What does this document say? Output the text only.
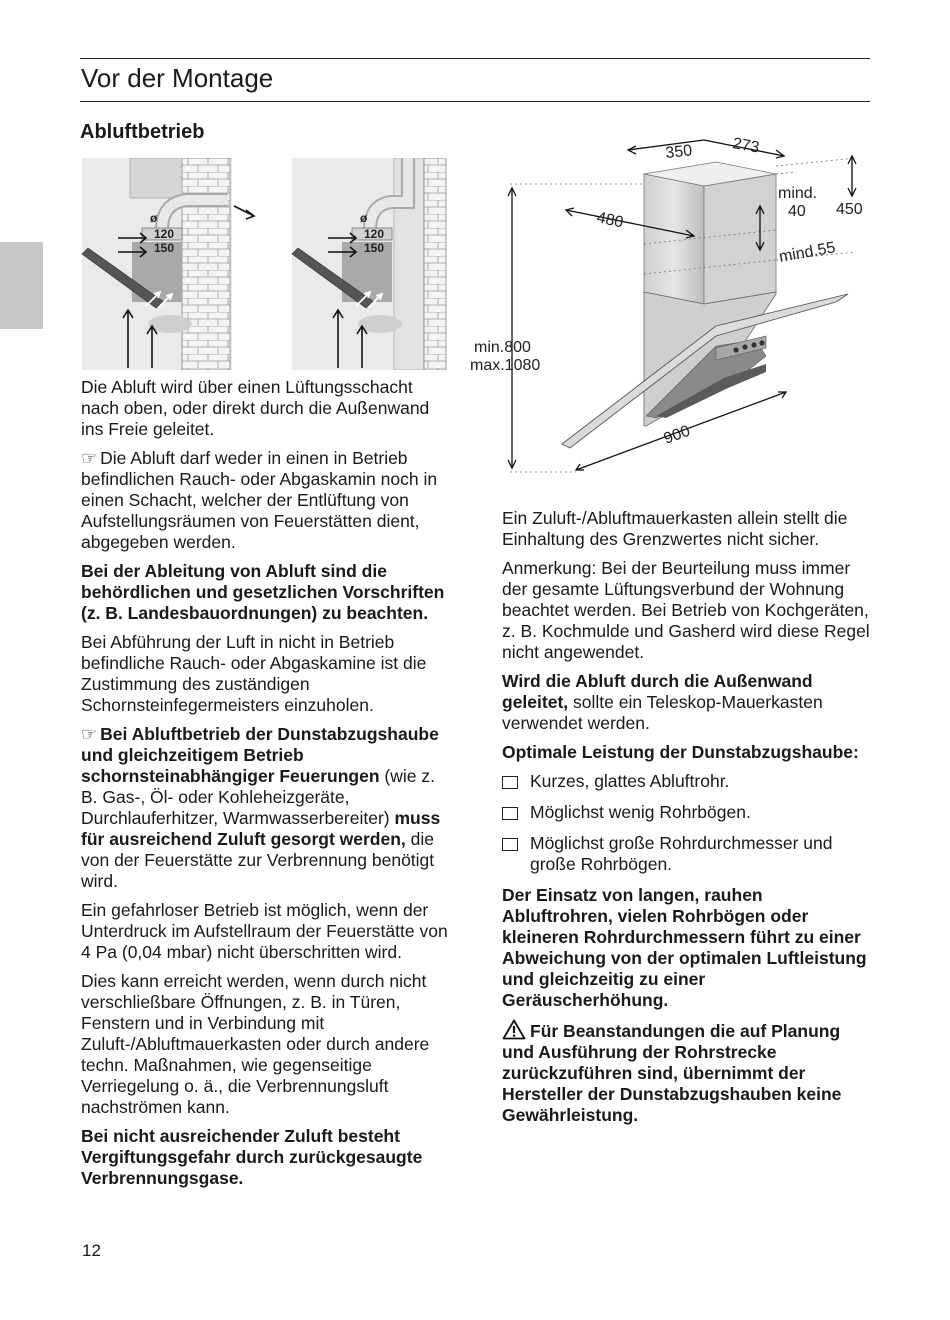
Vor der Montage
Abluftbetrieb
ø
120
150
ø
120
150
350 273
mind.
40 450
480
mind.55
min.800
max.1080
900

Die Abluft wird über einen Lüftungsschacht nach oben, oder direkt durch die Außenwand ins Freie geleitet.

☞ Die Abluft darf weder in einen in Betrieb befindlichen Rauch- oder Abgaskamin noch in einen Schacht, welcher der Entlüftung von Aufstellungsräumen von Feuerstätten dient, abgegeben werden.

Bei der Ableitung von Abluft sind die behördlichen und gesetzlichen Vorschriften (z. B. Landesbauordnungen) zu beachten.

Bei Abführung der Luft in nicht in Betrieb befindliche Rauch- oder Abgaskamine ist die Zustimmung des zuständigen Schornsteinfegermeisters einzuholen.

☞ Bei Abluftbetrieb der Dunstabzugshaube und gleichzeitigem Betrieb schornsteinabhängiger Feuerungen (wie z. B. Gas-, Öl- oder Kohleheizgeräte, Durchlauferhitzer, Warmwasserbereiter) muss für ausreichend Zuluft gesorgt werden, die von der Feuerstätte zur Verbrennung benötigt wird.

Ein gefahrloser Betrieb ist möglich, wenn der Unterdruck im Aufstellraum der Feuerstätte von 4 Pa (0,04 mbar) nicht überschritten wird.

Dies kann erreicht werden, wenn durch nicht verschließbare Öffnungen, z. B. in Türen, Fenstern und in Verbindung mit Zuluft-/Abluftmauerkasten oder durch andere techn. Maßnahmen, wie gegenseitige Verriegelung o. ä., die Verbrennungsluft nachströmen kann.

Bei nicht ausreichender Zuluft besteht Vergiftungsgefahr durch zurückgesaugte Verbrennungsgase.

Ein Zuluft-/Abluftmauerkasten allein stellt die Einhaltung des Grenzwertes nicht sicher.

Anmerkung: Bei der Beurteilung muss immer der gesamte Lüftungsverbund der Wohnung beachtet werden. Bei Betrieb von Kochgeräten, z. B. Kochmulde und Gasherd wird diese Regel nicht angewendet.

Wird die Abluft durch die Außenwand geleitet, sollte ein Teleskop-Mauerkasten verwendet werden.

Optimale Leistung der Dunstabzugshaube:

Kurzes, glattes Abluftrohr.
Möglichst wenig Rohrbögen.
Möglichst große Rohrdurchmesser und große Rohrbögen.

Der Einsatz von langen, rauhen Abluftrohren, vielen Rohrbögen oder kleineren Rohrdurchmessern führt zu einer Abweichung von der optimalen Luftleistung und gleichzeitig zu einer Geräuscherhöhung.

Für Beanstandungen die auf Planung und Ausführung der Rohrstrecke zurückzuführen sind, übernimmt der Hersteller der Dunstabzugshauben keine Gewährleistung.

12
